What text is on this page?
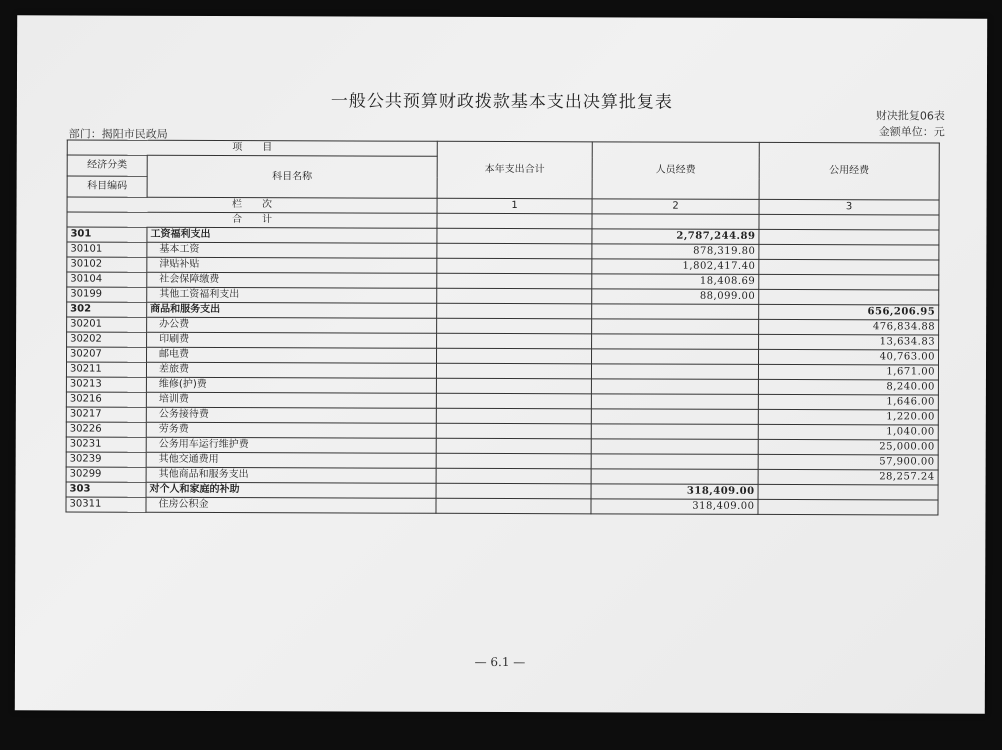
一般公共预算财政拨款基本支出决算批复表
财决批复06表
金额单位：元
部门：揭阳市民政局
项　　目		本年支出合计	人员经费	公用经费
经济分类	科目名称			
科目编码				
栏　　次		1	2	3
合　　计				
301	工资福利支出		2,787,244.89	
30101	基本工资		878,319.80	
30102	津贴补贴		1,802,417.40	
30104	社会保障缴费		18,408.69	
30199	其他工资福利支出		88,099.00	
302	商品和服务支出			656,206.95
30201	办公费			476,834.88
30202	印刷费			13,634.83
30207	邮电费			40,763.00
30211	差旅费			1,671.00
30213	维修(护)费			8,240.00
30216	培训费			1,646.00
30217	公务接待费			1,220.00
30226	劳务费			1,040.00
30231	公务用车运行维护费			25,000.00
30239	其他交通费用			57,900.00
30299	其他商品和服务支出			28,257.24
303	对个人和家庭的补助		318,409.00	
30311	住房公积金		318,409.00	
— 6.1 —
